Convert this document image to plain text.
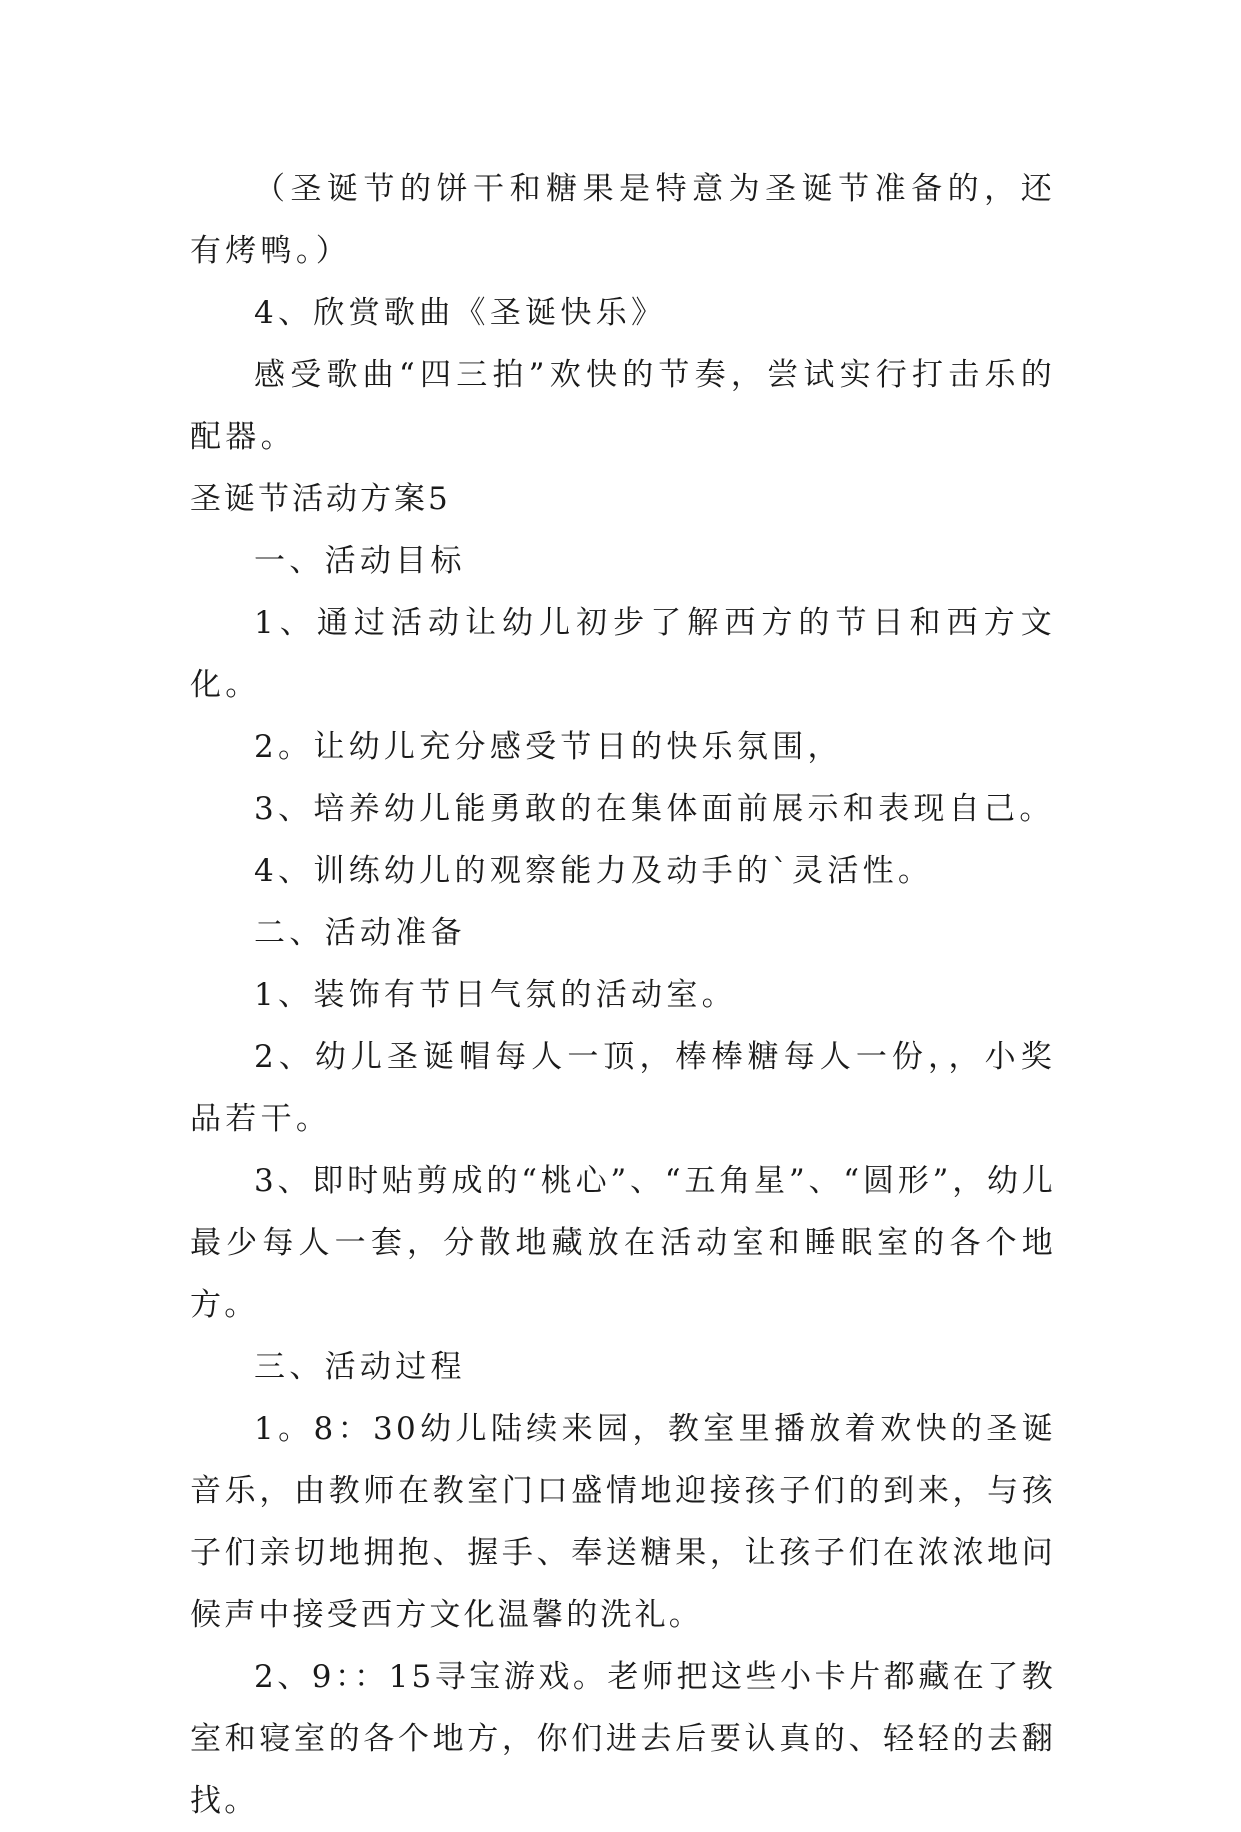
（圣诞节的饼干和糖果是特意为圣诞节准备的，还有烤鸭。）

4、欣赏歌曲《圣诞快乐》

感受歌曲“四三拍”欢快的节奏，尝试实行打击乐的配器。

圣诞节活动方案5

一、活动目标

1、通过活动让幼儿初步了解西方的节日和西方文化。

2。让幼儿充分感受节日的快乐氛围，

3、培养幼儿能勇敢的在集体面前展示和表现自己。

4、训练幼儿的观察能力及动手的`灵活性。

二、活动准备

1、装饰有节日气氛的活动室。

2、幼儿圣诞帽每人一顶，棒棒糖每人一份，，小奖品若干。

3、即时贴剪成的“桃心”、“五角星”、“圆形”，幼儿最少每人一套，分散地藏放在活动室和睡眠室的各个地方。

三、活动过程

1。8：30幼儿陆续来园，教室里播放着欢快的圣诞音乐，由教师在教室门口盛情地迎接孩子们的到来，与孩子们亲切地拥抱、握手、奉送糖果，让孩子们在浓浓地问候声中接受西方文化温馨的洗礼。

2、9：：15寻宝游戏。老师把这些小卡片都藏在了教室和寝室的各个地方，你们进去后要认真的、轻轻的去翻找。
